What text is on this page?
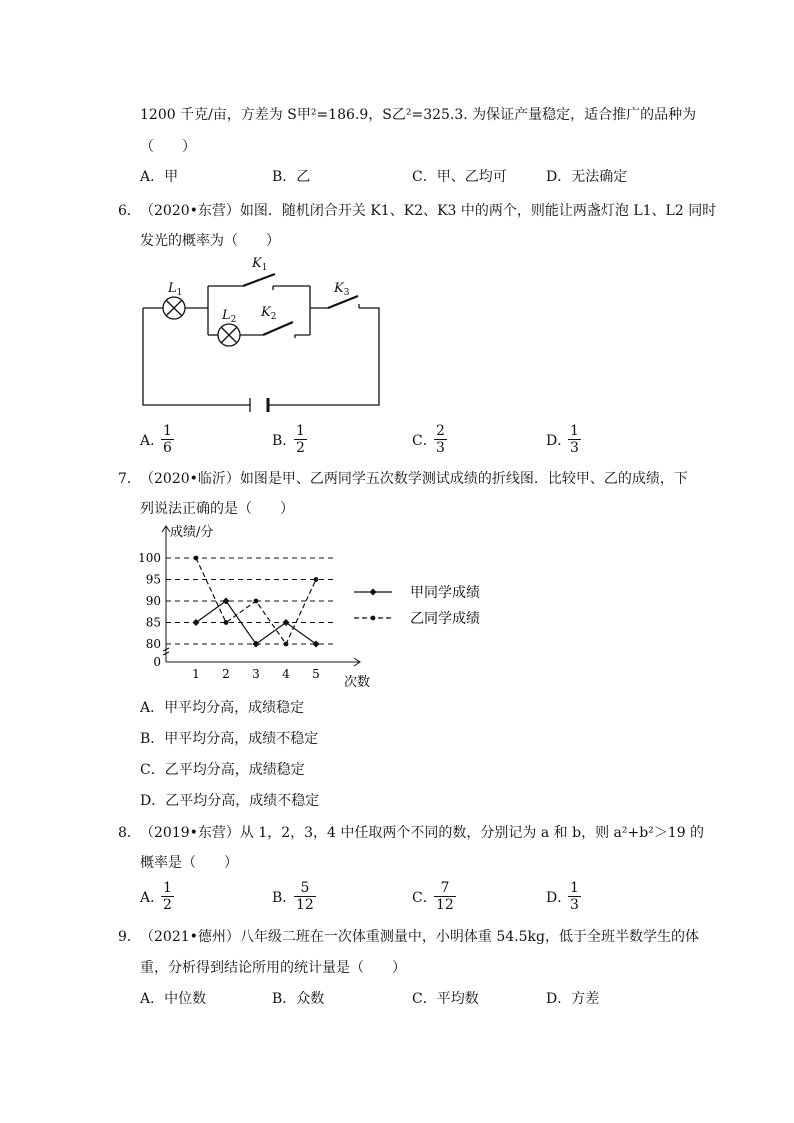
1200 千克/亩，方差为 S甲²=186.9，S乙²=325.3. 为保证产量稳定，适合推广的品种为
（　　）
A．甲	B．乙	C．甲、乙均可	D．无法确定
6． （2020•东营）如图．随机闭合开关 K1、K2、K3 中的两个，则能让两盏灯泡 L1、L2 同时
发光的概率为（　　）
$L_1$
$L_2$
$K_1$
$K_2$
$K_3$
A．
$\frac{1}{6}$	B．
$\frac{1}{2}$	C．
$\frac{2}{3}$	D．
$\frac{1}{3}$
7． （2020•临沂）如图是甲、乙两同学五次数学测试成绩的折线图．比较甲、乙的成绩，下
列说法正确的是（　　）
0
80
85
90
95
100
1 2 3 4 5
成绩/分
次数
甲同学成绩
乙同学成绩
A．甲平均分高，成绩稳定
B．甲平均分高，成绩不稳定
C．乙平均分高，成绩稳定
D．乙平均分高，成绩不稳定
8． （2019•东营）从 1，2，3，4 中任取两个不同的数，分别记为 a 和 b，则 a²+b²＞19 的
概率是（　　）
A．
$\frac{1}{2}$	B．
$\frac{5}{12}$	C．
$\frac{7}{12}$	D．
$\frac{1}{3}$
9． （2021•德州）八年级二班在一次体重测量中，小明体重 54.5kg，低于全班半数学生的体
重，分析得到结论所用的统计量是（　　）
A．中位数	B．众数	C．平均数	D．方差
